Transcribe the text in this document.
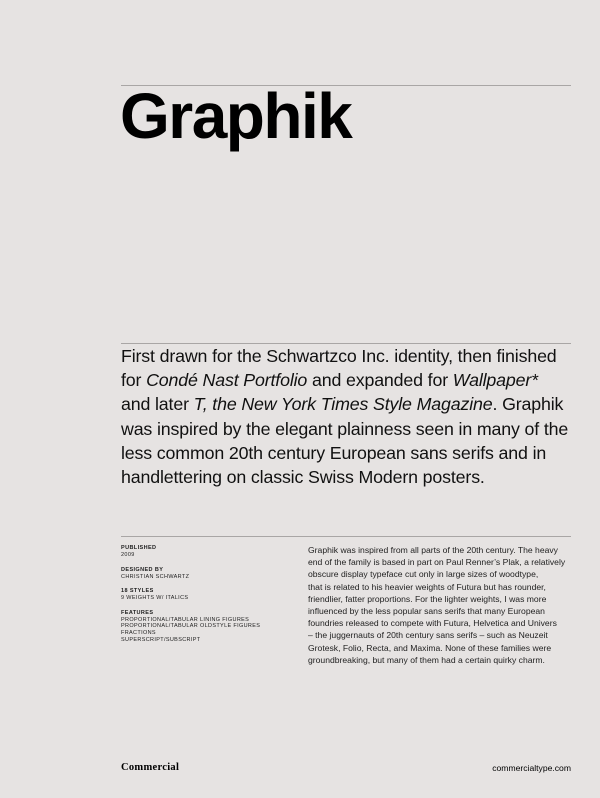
Graphik
First drawn for the Schwartzco Inc. identity, then finished
for Condé Nast Portfolio and expanded for Wallpaper*
and later T, the New York Times Style Magazine. Graphik
was inspired by the elegant plainness seen in many of the
less common 20th century European sans serifs and in
handlettering on classic Swiss Modern posters.
PUBLISHED
2009
DESIGNED BY
CHRISTIAN SCHWARTZ
18 STYLES
9 WEIGHTS W/ ITALICS
FEATURES
PROPORTIONAL/TABULAR LINING FIGURES
PROPORTIONAL/TABULAR OLDSTYLE FIGURES
FRACTIONS
SUPERSCRIPT/SUBSCRIPT
Graphik was inspired from all parts of the 20th century. The heavy
end of the family is based in part on Paul Renner’s Plak, a relatively
obscure display typeface cut only in large sizes of woodtype,
that is related to his heavier weights of Futura but has rounder,
friendlier, fatter proportions. For the lighter weights, I was more
influenced by the less popular sans serifs that many European
foundries released to compete with Futura, Helvetica and Univers
– the juggernauts of 20th century sans serifs – such as Neuzeit
Grotesk, Folio, Recta, and Maxima. None of these families were
groundbreaking, but many of them had a certain quirky charm.
Commercial	commercialtype.com
